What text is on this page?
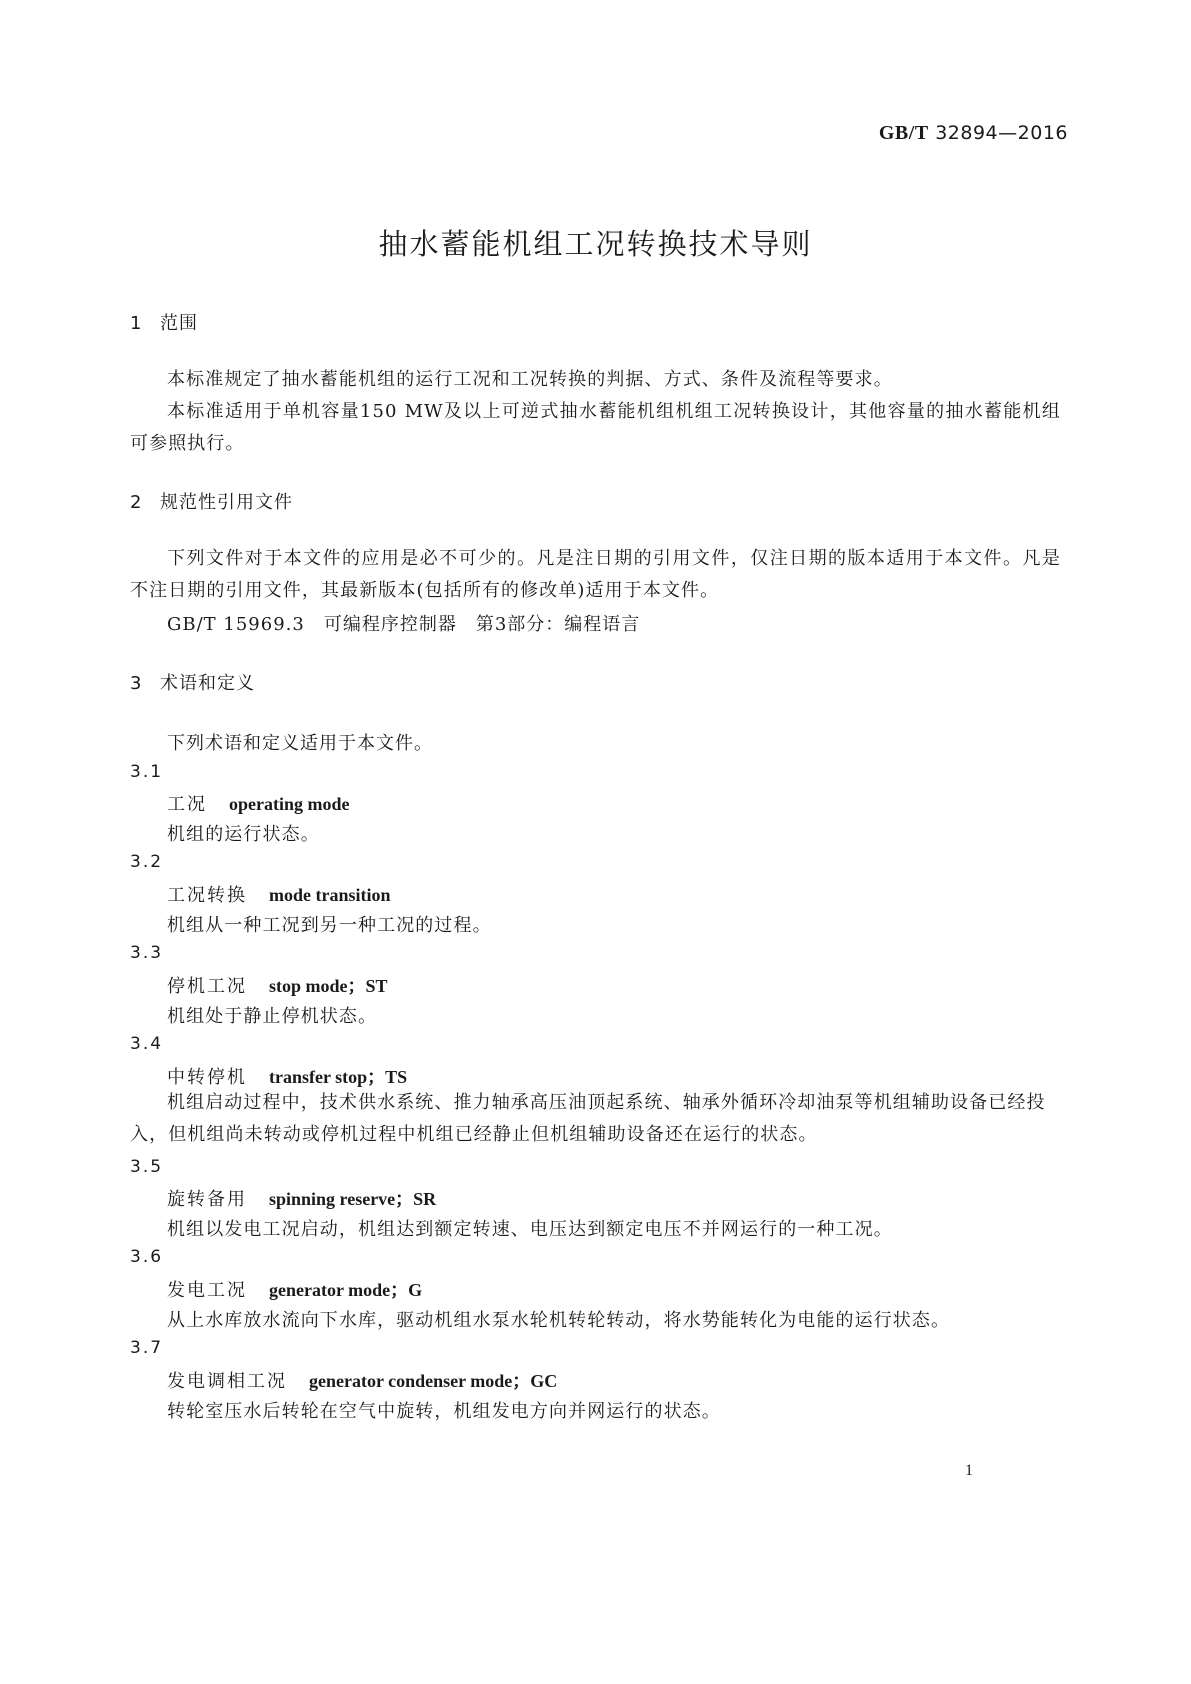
GB/T 32894—2016
抽水蓄能机组工况转换技术导则
1 范围
本标准规定了抽水蓄能机组的运行工况和工况转换的判据、方式、条件及流程等要求。
本标准适用于单机容量150 MW及以上可逆式抽水蓄能机组机组工况转换设计，其他容量的抽水蓄能机组可参照执行。
2 规范性引用文件
下列文件对于本文件的应用是必不可少的。凡是注日期的引用文件，仅注日期的版本适用于本文件。凡是不注日期的引用文件，其最新版本(包括所有的修改单)适用于本文件。
GB/T 15969.3　可编程序控制器　第3部分：编程语言
3 术语和定义
下列术语和定义适用于本文件。
3.1
工况 operating mode
机组的运行状态。
3.2
工况转换 mode transition
机组从一种工况到另一种工况的过程。
3.3
停机工况 stop mode；ST
机组处于静止停机状态。
3.4
中转停机 transfer stop；TS
机组启动过程中，技术供水系统、推力轴承高压油顶起系统、轴承外循环冷却油泵等机组辅助设备已经投入，但机组尚未转动或停机过程中机组已经静止但机组辅助设备还在运行的状态。
3.5
旋转备用 spinning reserve；SR
机组以发电工况启动，机组达到额定转速、电压达到额定电压不并网运行的一种工况。
3.6
发电工况 generator mode；G
从上水库放水流向下水库，驱动机组水泵水轮机转轮转动，将水势能转化为电能的运行状态。
3.7
发电调相工况 generator condenser mode；GC
转轮室压水后转轮在空气中旋转，机组发电方向并网运行的状态。
1
